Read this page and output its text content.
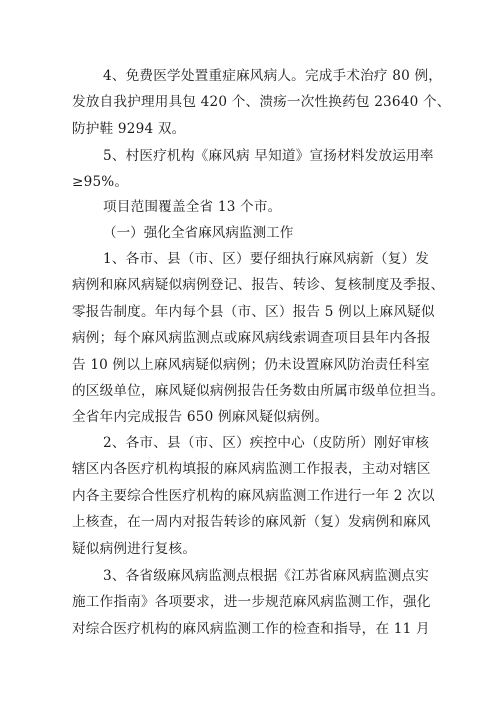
4、免费医学处置重症麻风病人。完成手术治疗 80 例，
发放自我护理用具包 420 个、溃疡一次性换药包 23640 个、
防护鞋 9294 双。
5、村医疗机构《麻风病 早知道》宣扬材料发放运用率
≥95%。
项目范围覆盖全省 13 个市。

（一）强化全省麻风病监测工作

1、各市、县（市、区）要仔细执行麻风病新（复）发
病例和麻风病疑似病例登记、报告、转诊、复核制度及季报、
零报告制度。年内每个县（市、区）报告 5 例以上麻风疑似
病例；每个麻风病监测点或麻风病线索调查项目县年内各报
告 10 例以上麻风病疑似病例；仍未设置麻风防治责任科室
的区级单位，麻风疑似病例报告任务数由所属市级单位担当。
全省年内完成报告 650 例麻风疑似病例。
2、各市、县（市、区）疾控中心（皮防所）刚好审核
辖区内各医疗机构填报的麻风病监测工作报表，主动对辖区
内各主要综合性医疗机构的麻风病监测工作进行一年 2 次以
上核查，在一周内对报告转诊的麻风新（复）发病例和麻风
疑似病例进行复核。
3、各省级麻风病监测点根据《江苏省麻风病监测点实
施工作指南》各项要求，进一步规范麻风病监测工作，强化
对综合医疗机构的麻风病监测工作的检查和指导，在 11 月
